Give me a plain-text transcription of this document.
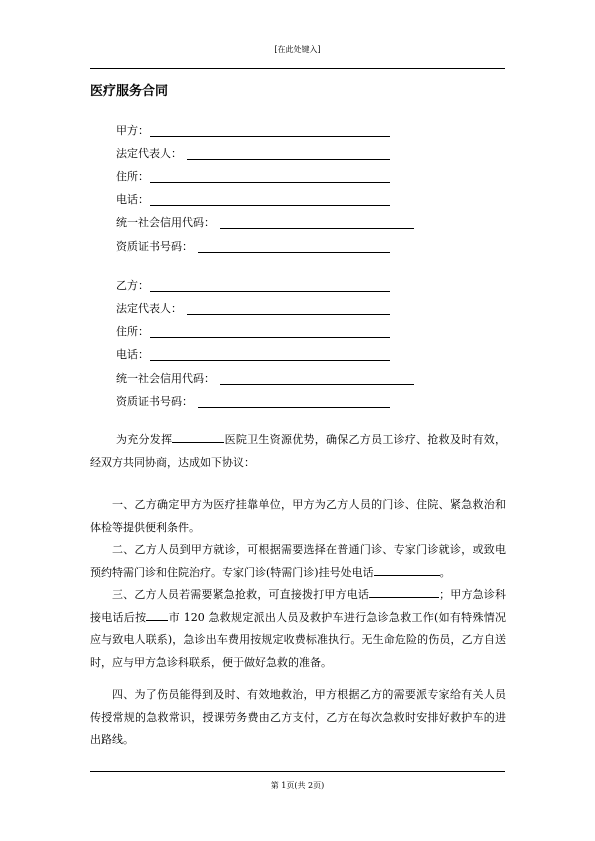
[在此处键入]
医疗服务合同
甲方：
法定代表人：
住所：
电话：
统一社会信用代码：
资质证书号码：
乙方：
法定代表人：
住所：
电话：
统一社会信用代码：
资质证书号码：
为充分发挥	医院卫生资源优势，确保乙方员工诊疗、抢救及时有效，经双方共同协商，达成如下协议：
一、乙方确定甲方为医疗挂靠单位，甲方为乙方人员的门诊、住院、紧急救治和体检等提供便利条件。
二、乙方人员到甲方就诊，可根据需要选择在普通门诊、专家门诊就诊，或致电预约特需门诊和住院治疗。专家门诊(特需门诊)挂号处电话	。
三、乙方人员若需要紧急抢救，可直接拨打甲方电话	；甲方急诊科接电话后按 市 120 急救规定派出人员及救护车进行急诊急救工作(如有特殊情况应与致电人联系)，急诊出车费用按规定收费标准执行。无生命危险的伤员，乙方自送时，应与甲方急诊科联系，便于做好急救的准备。
四、为了伤员能得到及时、有效地救治，甲方根据乙方的需要派专家给有关人员传授常规的急救常识，授课劳务费由乙方支付，乙方在每次急救时安排好救护车的进出路线。
第 1页(共 2页)
